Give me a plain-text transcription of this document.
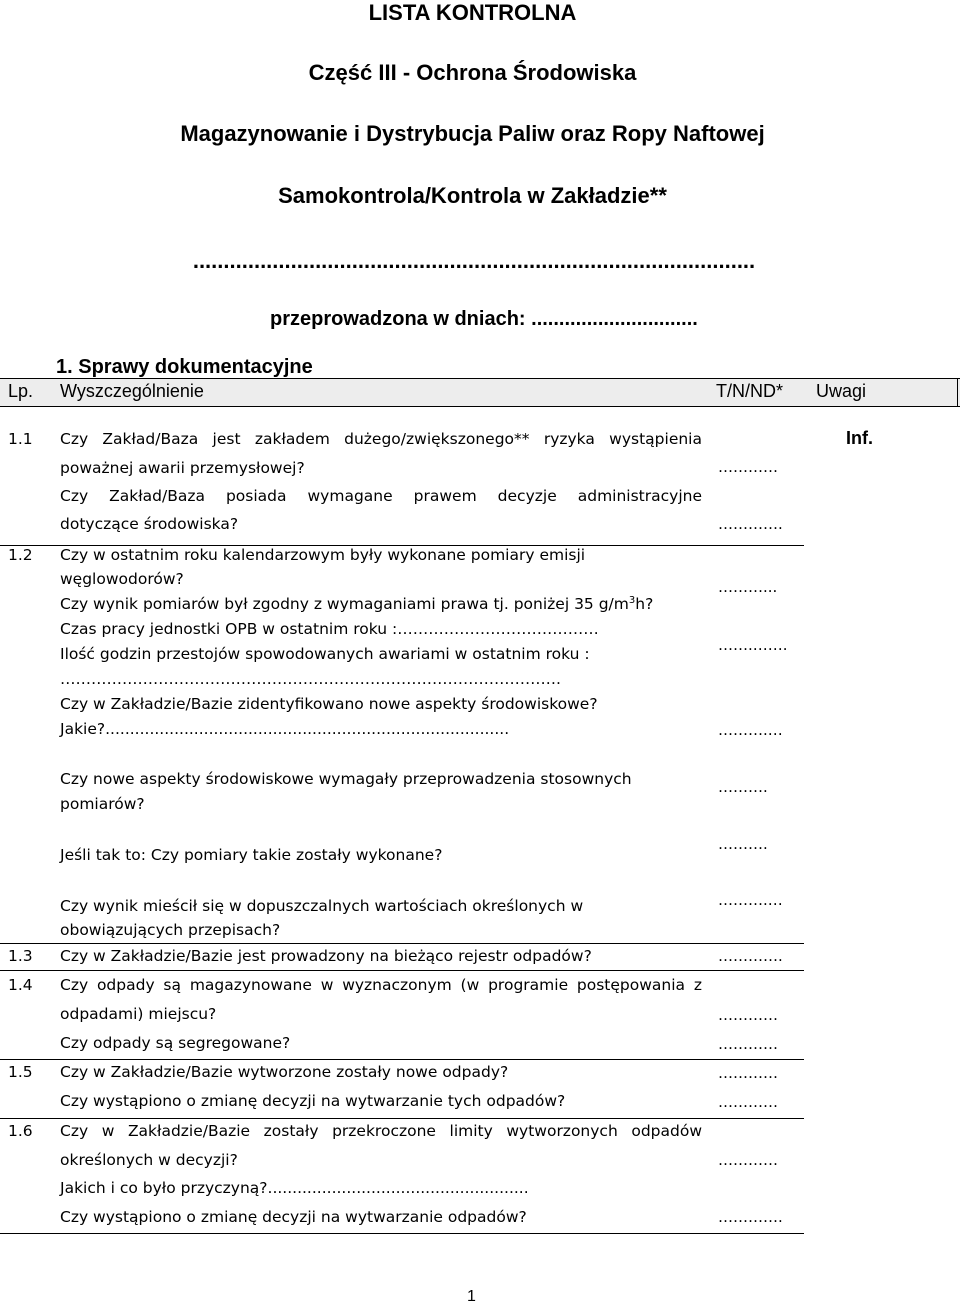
LISTA KONTROLNA
Część III - Ochrona Środowiska
Magazynowanie i Dystrybucja Paliw oraz Ropy Naftowej
Samokontrola/Kontrola w Zakładzie**
............................................................................................
przeprowadzona w dniach: ..............................
1. Sprawy dokumentacyjne
Lp. Wyszczególnienie	T/N/ND* Uwagi
1.1 Czy Zakład/Baza jest zakładem dużego/zwiększonego** ryzyka wystąpienia
poważnej awarii przemysłowej?
Czy Zakład/Baza posiada wymagane prawem decyzje administracyjne
dotyczące środowiska?
…………
………….
Inf.
1.2 Czy w ostatnim roku kalendarzowym były wykonane pomiary emisji
węglowodorów?
Czy wynik pomiarów był zgodny z wymaganiami prawa tj. poniżej 35 $g/m^3h$?
Czas pracy jednostki OPB w ostatnim roku :…………………………………
Ilość godzin przestojów spowodowanych awariami w ostatnim roku :
…………………………………………………………………………………….
Czy w Zakładzie/Bazie zidentyfikowano nowe aspekty środowiskowe?
Jakie?..................................................................................
Czy nowe aspekty środowiskowe wymagały przeprowadzenia stosownych
pomiarów?
Jeśli tak to: Czy pomiary takie zostały wykonane?
Czy wynik mieścił się w dopuszczalnych wartościach określonych w
obowiązujących przepisach?
………...
…….…….
……….…
……….
……….
……….…
1.3 Czy w Zakładzie/Bazie jest prowadzony na bieżąco rejestr odpadów?	………….
1.4 Czy odpady są magazynowane w wyznaczonym (w programie postępowania z
odpadami) miejscu?
Czy odpady są segregowane?
…………
…………
1.5 Czy w Zakładzie/Bazie wytworzone zostały nowe odpady?
Czy wystąpiono o zmianę decyzji na wytwarzanie tych odpadów?
…………
…………
1.6 Czy w Zakładzie/Bazie zostały przekroczone limity wytworzonych odpadów
określonych w decyzji?
Jakich i co było przyczyną?.....................................................
Czy wystąpiono o zmianę decyzji na wytwarzanie odpadów?
…………
………….
1
